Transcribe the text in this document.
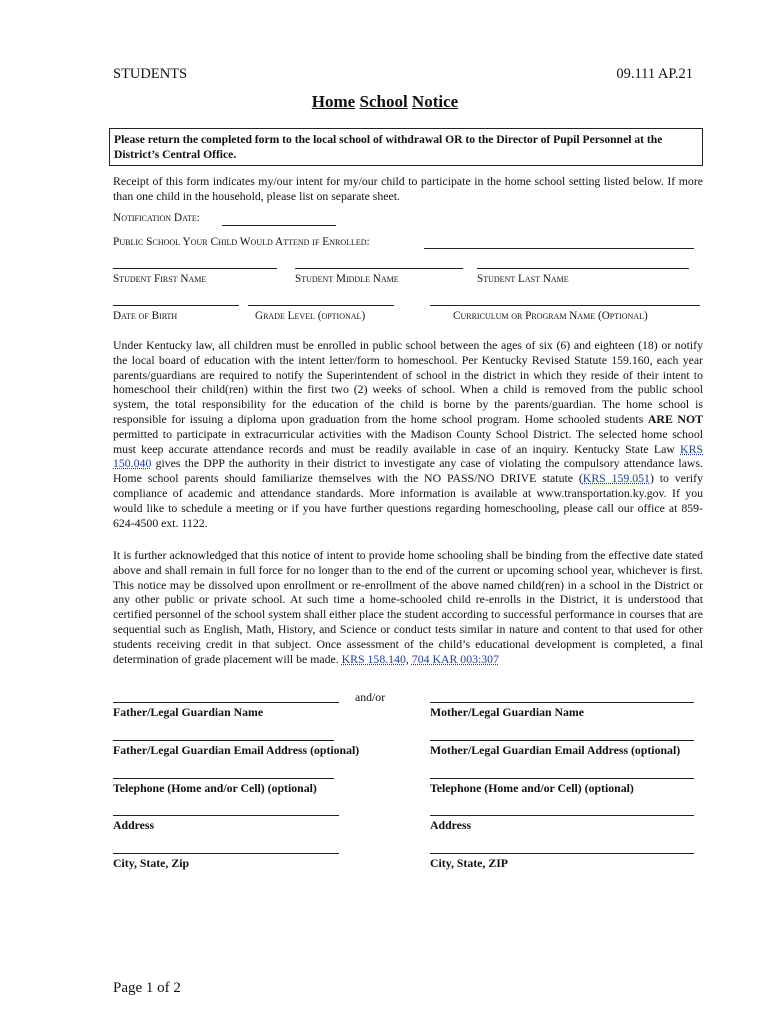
STUDENTS	09.111 AP.21
Home School Notice
Please return the completed form to the local school of withdrawal OR to the Director of Pupil Personnel at the District’s Central Office.
Receipt of this form indicates my/our intent for my/our child to participate in the home school setting listed below. If more than one child in the household, please list on separate sheet.
Notification Date:
Public School Your Child Would Attend if Enrolled:
Student First Name	Student Middle Name	Student Last Name
Date of Birth	Grade Level (optional)	Curriculum or Program Name (Optional)
Under Kentucky law, all children must be enrolled in public school between the ages of six (6) and eighteen (18) or notify the local board of education with the intent letter/form to homeschool. Per Kentucky Revised Statute 159.160, each year parents/guardians are required to notify the Superintendent of school in the district in which they reside of their intent to homeschool their child(ren) within the first two (2) weeks of school. When a child is removed from the public school system, the total responsibility for the education of the child is borne by the parents/guardian. The home school is responsible for issuing a diploma upon graduation from the home school program. Home schooled students ARE NOT permitted to participate in extracurricular activities with the Madison County School District. The selected home school must keep accurate attendance records and must be readily available in case of an inquiry. Kentucky State Law KRS 150.040 gives the DPP the authority in their district to investigate any case of violating the compulsory attendance laws. Home school parents should familiarize themselves with the NO PASS/NO DRIVE statute (KRS 159.051) to verify compliance of academic and attendance standards. More information is available at www.transportation.ky.gov. If you would like to schedule a meeting or if you have further questions regarding homeschooling, please call our office at 859-624-4500 ext. 1122.
It is further acknowledged that this notice of intent to provide home schooling shall be binding from the effective date stated above and shall remain in full force for no longer than to the end of the current or upcoming school year, whichever is first. This notice may be dissolved upon enrollment or re-enrollment of the above named child(ren) in a school in the District or any other public or private school. At such time a home-schooled child re-enrolls in the District, it is understood that certified personnel of the school system shall either place the student according to successful performance in courses that are sequential such as English, Math, History, and Science or conduct tests similar in nature and content to that used for other students receiving credit in that subject. Once assessment of the child’s educational development is completed, a final determination of grade placement will be made. KRS 158.140, 704 KAR 003:307
and/or
Father/Legal Guardian Name	Mother/Legal Guardian Name
Father/Legal Guardian Email Address (optional)	Mother/Legal Guardian Email Address (optional)
Telephone (Home and/or Cell) (optional)	Telephone (Home and/or Cell) (optional)
Address	Address
City, State, Zip	City, State, ZIP
Page 1 of 2
